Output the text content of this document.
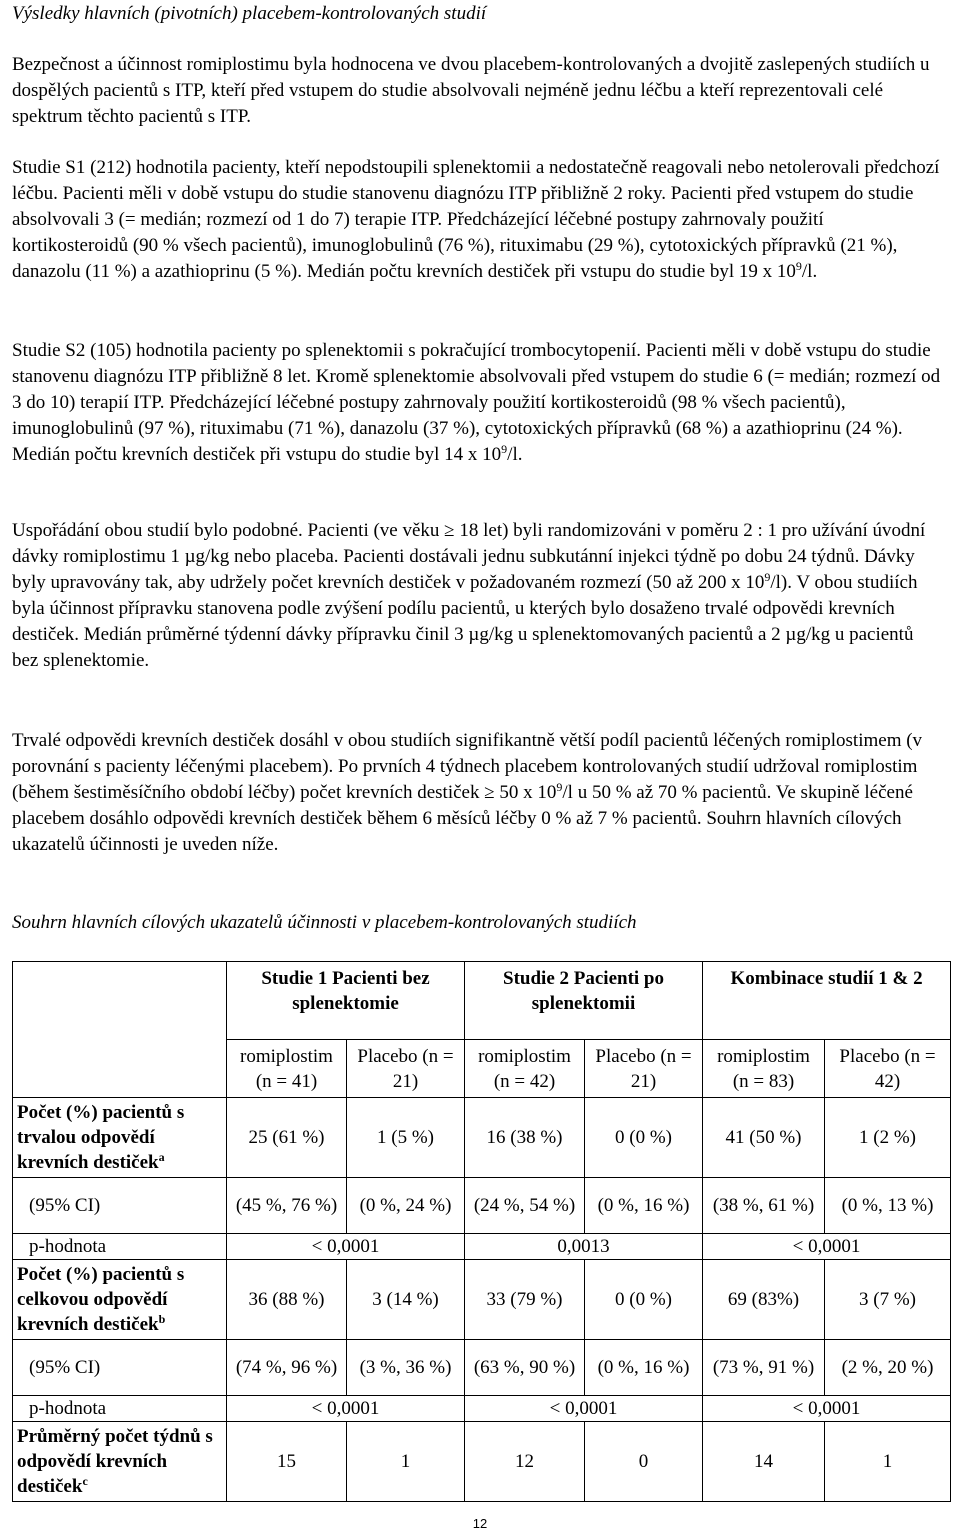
Výsledky hlavních (pivotních) placebem-kontrolovaných studií

Bezpečnost a účinnost romiplostimu byla hodnocena ve dvou placebem-kontrolovaných a dvojitě zaslepených studiích u dospělých pacientů s ITP, kteří před vstupem do studie absolvovali nejméně jednu léčbu a kteří reprezentovali celé spektrum těchto pacientů s ITP.

Studie S1 (212) hodnotila pacienty, kteří nepodstoupili splenektomii a nedostatečně reagovali nebo netolerovali předchozí léčbu. Pacienti měli v době vstupu do studie stanovenu diagnózu ITP přibližně 2 roky. Pacienti před vstupem do studie absolvovali 3 (= medián; rozmezí od 1 do 7) terapie ITP. Předcházející léčebné postupy zahrnovaly použití kortikosteroidů (90 % všech pacientů), imunoglobulinů (76 %), rituximabu (29 %), cytotoxických přípravků (21 %), danazolu (11 %) a azathioprinu (5 %). Medián počtu krevních destiček při vstupu do studie byl 19 x $10^9/l$.

Studie S2 (105) hodnotila pacienty po splenektomii s pokračující trombocytopenií. Pacienti měli v době vstupu do studie stanovenu diagnózu ITP přibližně 8 let. Kromě splenektomie absolvovali před vstupem do studie 6 (= medián; rozmezí od 3 do 10) terapií ITP. Předcházející léčebné postupy zahrnovaly použití kortikosteroidů (98 % všech pacientů), imunoglobulinů (97 %), rituximabu (71 %), danazolu (37 %), cytotoxických přípravků (68 %) a azathioprinu (24 %). Medián počtu krevních destiček při vstupu do studie byl 14 x $10^9/l$.

Uspořádání obou studií bylo podobné. Pacienti (ve věku ≥ 18 let) byli randomizováni v poměru 2 : 1 pro užívání úvodní dávky romiplostimu 1 µg/kg nebo placeba. Pacienti dostávali jednu subkutánní injekci týdně po dobu 24 týdnů. Dávky byly upravovány tak, aby udržely počet krevních destiček v požadovaném rozmezí (50 až 200 x $10^9/l$). V obou studiích byla účinnost přípravku stanovena podle zvýšení podílu pacientů, u kterých bylo dosaženo trvalé odpovědi krevních destiček. Medián průměrné týdenní dávky přípravku činil 3 µg/kg u splenektomovaných pacientů a 2 µg/kg u pacientů bez splenektomie.

Trvalé odpovědi krevních destiček dosáhl v obou studiích signifikantně větší podíl pacientů léčených romiplostimem (v porovnání s pacienty léčenými placebem). Po prvních 4 týdnech placebem kontrolovaných studií udržoval romiplostim (během šestiměsíčního období léčby) počet krevních destiček ≥ 50 x $10^9/l$ u 50 % až 70 % pacientů. Ve skupině léčené placebem dosáhlo odpovědi krevních destiček během 6 měsíců léčby 0 % až 7 % pacientů. Souhrn hlavních cílových ukazatelů účinnosti je uveden níže.

Souhrn hlavních cílových ukazatelů účinnosti v placebem-kontrolovaných studiích
	Studie 1 Pacienti bez splenektomie		Studie 2 Pacienti po splenektomii		Kombinace studií 1 & 2	
	romiplostim (n = 41)	Placebo (n = 21)	romiplostim (n = 42)	Placebo (n = 21)	romiplostim (n = 83)	Placebo (n = 42)
Počet (%) pacientů s trvalou odpovědí krevních destiček$^a$	25 (61 %)	1 (5 %)	16 (38 %)	0 (0 %)	41 (50 %)	1 (2 %)
(95% CI)	(45 %, 76 %)	(0 %, 24 %)	(24 %, 54 %)	(0 %, 16 %)	(38 %, 61 %)	(0 %, 13 %)
p-hodnota	< 0,0001		0,0013		< 0,0001	
Počet (%) pacientů s celkovou odpovědí krevních destiček$^b$	36 (88 %)	3 (14 %)	33 (79 %)	0 (0 %)	69 (83%)	3 (7 %)
(95% CI)	(74 %, 96 %)	(3 %, 36 %)	(63 %, 90 %)	(0 %, 16 %)	(73 %, 91 %)	(2 %, 20 %)
p-hodnota	< 0,0001		< 0,0001		< 0,0001	
Průměrný počet týdnů s odpovědí krevních destiček$^c$	15	1	12	0	14	1
12
